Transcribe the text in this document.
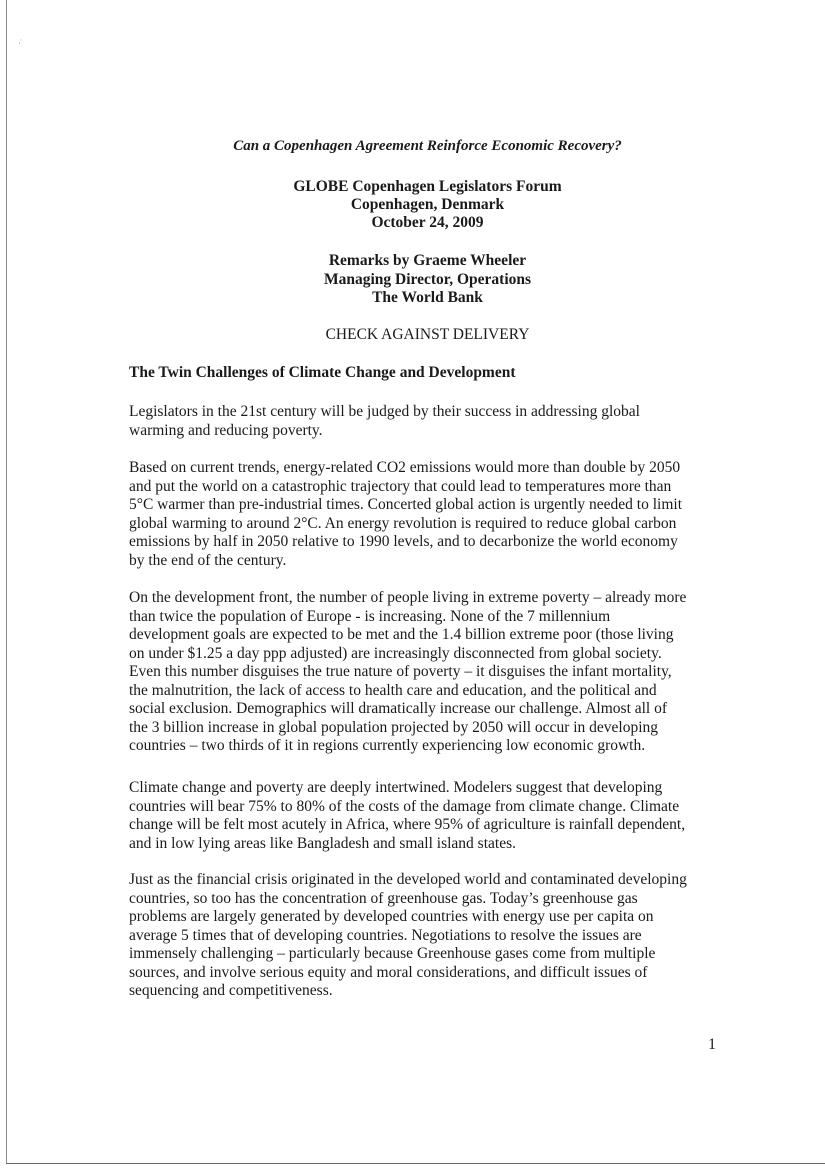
·̇
Can a Copenhagen Agreement Reinforce Economic Recovery?
GLOBE Copenhagen Legislators Forum
Copenhagen, Denmark
October 24, 2009
Remarks by Graeme Wheeler
Managing Director, Operations
The World Bank
CHECK AGAINST DELIVERY
The Twin Challenges of Climate Change and Development
Legislators in the 21st century will be judged by their success in addressing global
warming and reducing poverty.
Based on current trends, energy-related CO2 emissions would more than double by 2050
and put the world on a catastrophic trajectory that could lead to temperatures more than
5°C warmer than pre-industrial times. Concerted global action is urgently needed to limit
global warming to around 2°C. An energy revolution is required to reduce global carbon
emissions by half in 2050 relative to 1990 levels, and to decarbonize the world economy
by the end of the century.
On the development front, the number of people living in extreme poverty – already more
than twice the population of Europe - is increasing. None of the 7 millennium
development goals are expected to be met and the 1.4 billion extreme poor (those living
on under $1.25 a day ppp adjusted) are increasingly disconnected from global society.
Even this number disguises the true nature of poverty – it disguises the infant mortality,
the malnutrition, the lack of access to health care and education, and the political and
social exclusion. Demographics will dramatically increase our challenge. Almost all of
the 3 billion increase in global population projected by 2050 will occur in developing
countries – two thirds of it in regions currently experiencing low economic growth.
Climate change and poverty are deeply intertwined. Modelers suggest that developing
countries will bear 75% to 80% of the costs of the damage from climate change. Climate
change will be felt most acutely in Africa, where 95% of agriculture is rainfall dependent,
and in low lying areas like Bangladesh and small island states.
Just as the financial crisis originated in the developed world and contaminated developing
countries, so too has the concentration of greenhouse gas. Today’s greenhouse gas
problems are largely generated by developed countries with energy use per capita on
average 5 times that of developing countries. Negotiations to resolve the issues are
immensely challenging – particularly because Greenhouse gases come from multiple
sources, and involve serious equity and moral considerations, and difficult issues of
sequencing and competitiveness.
1
